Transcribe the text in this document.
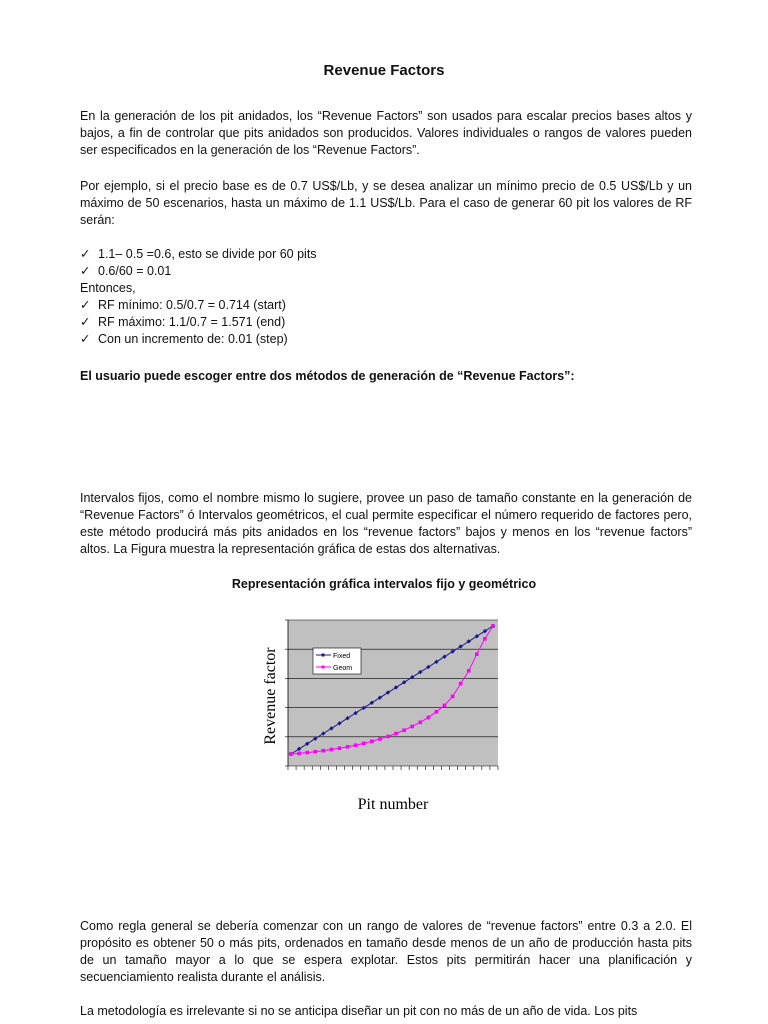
Revenue Factors

En la generación de los pit anidados, los “Revenue Factors” son usados para escalar precios bases altos y bajos, a fin de controlar que pits anidados son producidos. Valores individuales o rangos de valores pueden ser especificados en la generación de los “Revenue Factors”.

Por ejemplo, si el precio base es de 0.7 US$/Lb, y se desea analizar un mínimo precio de 0.5 US$/Lb y un máximo de 50 escenarios, hasta un máximo de 1.1 US$/Lb. Para el caso de generar 60 pit los valores de RF serán:

✓ 1.1– 0.5 =0.6, esto se divide por 60 pits
✓ 0.6/60 = 0.01
Entonces,
✓ RF mínimo: 0.5/0.7 = 0.714 (start)
✓ RF máximo: 1.1/0.7 = 1.571 (end)
✓ Con un incremento de: 0.01 (step)

El usuario puede escoger entre dos métodos de generación de “Revenue Factors”:

Intervalos fijos, como el nombre mismo lo sugiere, provee un paso de tamaño constante en la generación de “Revenue Factors” ó Intervalos geométricos, el cual permite especificar el número requerido de factores pero, este método producirá más pits anidados en los “revenue factors” bajos y menos en los “revenue factors” altos. La Figura muestra la representación gráfica de estas dos alternativas.

Representación gráfica intervalos fijo y geométrico
Fixed
Geom
Pit number
Revenue factor

Como regla general se debería comenzar con un rango de valores de “revenue factors” entre 0.3 a 2.0. El propósito es obtener 50 o más pits, ordenados en tamaño desde menos de un año de producción hasta pits de un tamaño mayor a lo que se espera explotar. Estos pits permitirán hacer una planificación y secuenciamiento realista durante el análisis.

La metodología es irrelevante si no se anticipa diseñar un pit con no más de un año de vida. Los pits
